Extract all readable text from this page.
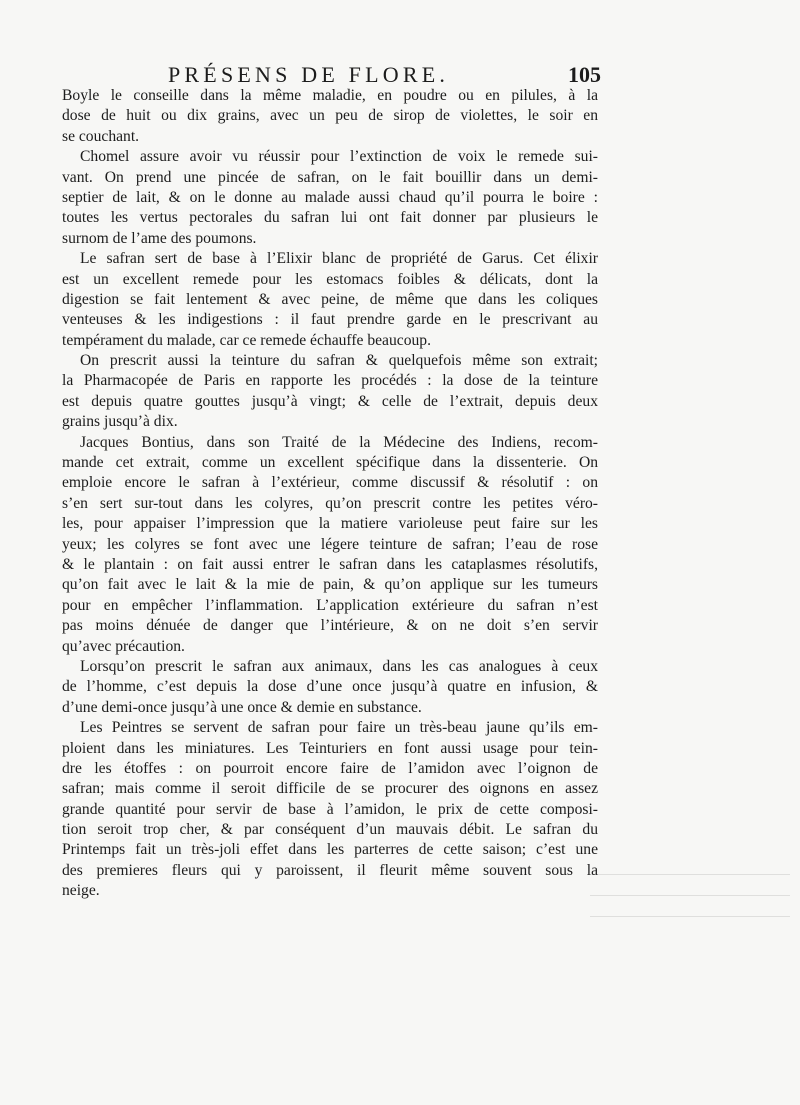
PRÉSENS DE FLORE.	105
Boyle le conseille dans la même maladie, en poudre ou en pilules, à la
dose de huit ou dix grains, avec un peu de sirop de violettes, le soir en
se couchant.
Chomel assure avoir vu réussir pour l’extinction de voix le remede sui-
vant. On prend une pincée de safran, on le fait bouillir dans un demi-
septier de lait, & on le donne au malade aussi chaud qu’il pourra le boire :
toutes les vertus pectorales du safran lui ont fait donner par plusieurs le
surnom de l’ame des poumons.
Le safran sert de base à l’Elixir blanc de propriété de Garus. Cet élixir
est un excellent remede pour les estomacs foibles & délicats, dont la
digestion se fait lentement & avec peine, de même que dans les coliques
venteuses & les indigestions : il faut prendre garde en le prescrivant au
tempérament du malade, car ce remede échauffe beaucoup.
On prescrit aussi la teinture du safran & quelquefois même son extrait;
la Pharmacopée de Paris en rapporte les procédés : la dose de la teinture
est depuis quatre gouttes jusqu’à vingt; & celle de l’extrait, depuis deux
grains jusqu’à dix.
Jacques Bontius, dans son Traité de la Médecine des Indiens, recom-
mande cet extrait, comme un excellent spécifique dans la dissenterie. On
emploie encore le safran à l’extérieur, comme discussif & résolutif : on
s’en sert sur-tout dans les colyres, qu’on prescrit contre les petites véro-
les, pour appaiser l’impression que la matiere varioleuse peut faire sur les
yeux; les colyres se font avec une légere teinture de safran; l’eau de rose
& le plantain : on fait aussi entrer le safran dans les cataplasmes résolutifs,
qu’on fait avec le lait & la mie de pain, & qu’on applique sur les tumeurs
pour en empêcher l’inflammation. L’application extérieure du safran n’est
pas moins dénuée de danger que l’intérieure, & on ne doit s’en servir
qu’avec précaution.
Lorsqu’on prescrit le safran aux animaux, dans les cas analogues à ceux
de l’homme, c’est depuis la dose d’une once jusqu’à quatre en infusion, &
d’une demi-once jusqu’à une once & demie en substance.
Les Peintres se servent de safran pour faire un très-beau jaune qu’ils em-
ploient dans les miniatures. Les Teinturiers en font aussi usage pour tein-
dre les étoffes : on pourroit encore faire de l’amidon avec l’oignon de
safran; mais comme il seroit difficile de se procurer des oignons en assez
grande quantité pour servir de base à l’amidon, le prix de cette composi-
tion seroit trop cher, & par conséquent d’un mauvais débit. Le safran du
Printemps fait un très-joli effet dans les parterres de cette saison; c’est une
des premieres fleurs qui y paroissent, il fleurit même souvent sous la
neige.
